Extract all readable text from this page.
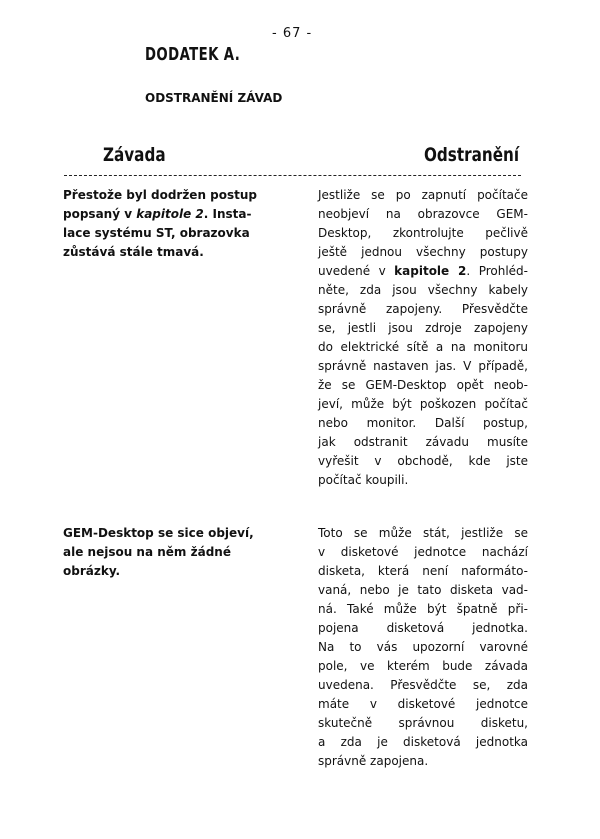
- 67 -
DODATEK A.
ODSTRANĚNÍ ZÁVAD
Závada	Odstranění
Přestože byl dodržen postup
popsaný v kapitole 2. Insta-
lace systému ST, obrazovka
zůstává stále tmavá.
Jestliže se po zapnutí počítače
neobjeví na obrazovce GEM-
Desktop, zkontrolujte pečlivě
ještě jednou všechny postupy
uvedené v kapitole 2. Prohléd-
něte, zda jsou všechny kabely
správně zapojeny. Přesvědčte
se, jestli jsou zdroje zapojeny
do elektrické sítě a na monitoru
správně nastaven jas. V případě,
že se GEM-Desktop opět neob-
jeví, může být poškozen počítač
nebo monitor. Další postup,
jak odstranit závadu musíte
vyřešit v obchodě, kde jste
počítač koupili.
GEM-Desktop se sice objeví,
ale nejsou na něm žádné
obrázky.
Toto se může stát, jestliže se
v disketové jednotce nachází
disketa, která není naformáto-
vaná, nebo je tato disketa vad-
ná. Také může být špatně při-
pojena disketová jednotka.
Na to vás upozorní varovné
pole, ve kterém bude závada
uvedena. Přesvědčte se, zda
máte v disketové jednotce
skutečně správnou disketu,
a zda je disketová jednotka
správně zapojena.
